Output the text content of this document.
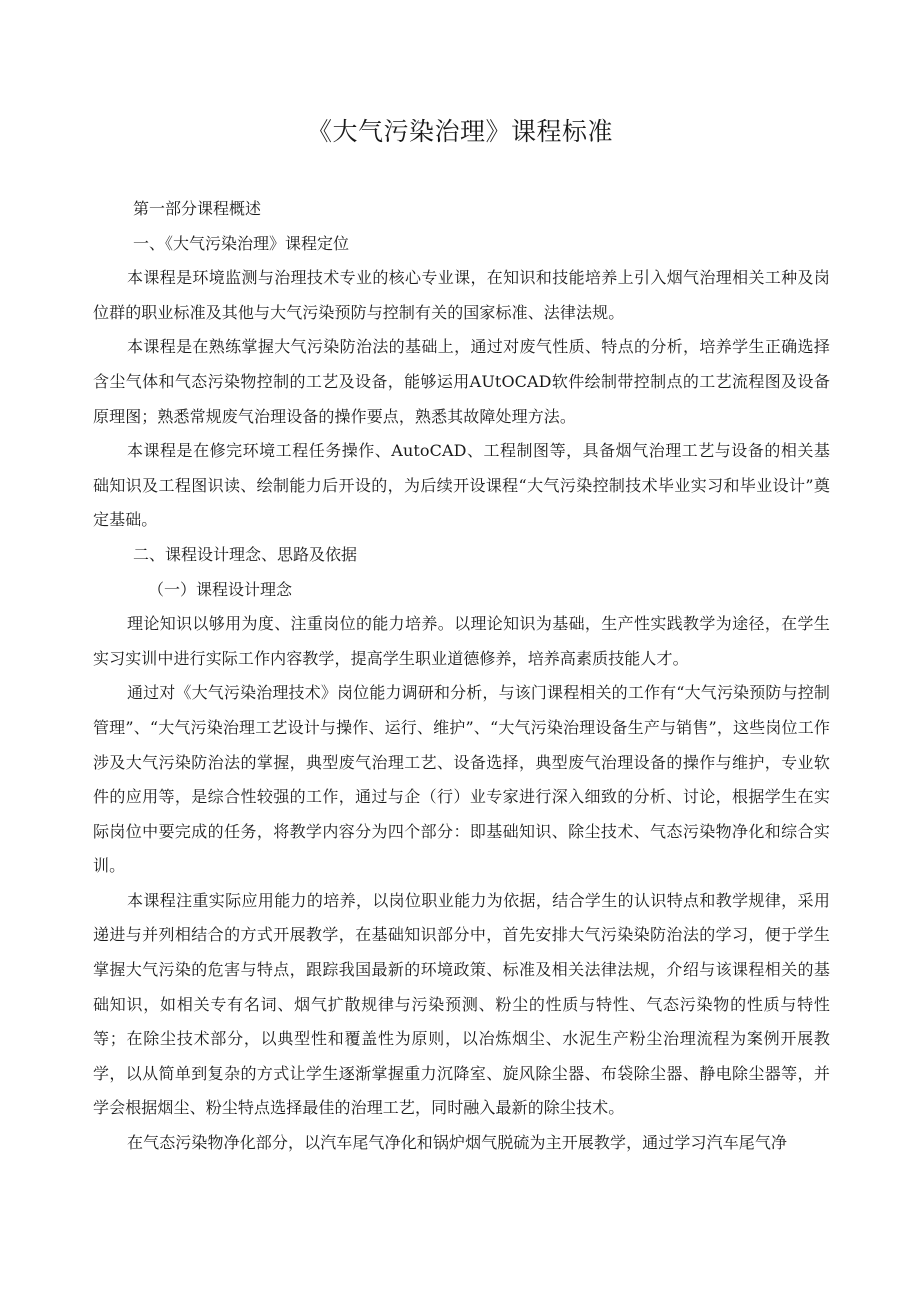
《大气污染治理》课程标准

第一部分课程概述

一、《大气污染治理》课程定位

本课程是环境监测与治理技术专业的核心专业课，在知识和技能培养上引入烟气治理相关工种及岗位群的职业标准及其他与大气污染预防与控制有关的国家标准、法律法规。

本课程是在熟练掌握大气污染防治法的基础上，通过对废气性质、特点的分析，培养学生正确选择含尘气体和气态污染物控制的工艺及设备，能够运用AUtOCAD软件绘制带控制点的工艺流程图及设备原理图；熟悉常规废气治理设备的操作要点，熟悉其故障处理方法。

本课程是在修完环境工程任务操作、AutoCAD、工程制图等，具备烟气治理工艺与设备的相关基础知识及工程图识读、绘制能力后开设的，为后续开设课程“大气污染控制技术毕业实习和毕业设计”奠定基础。

二、课程设计理念、思路及依据

（一）课程设计理念

理论知识以够用为度、注重岗位的能力培养。以理论知识为基础，生产性实践教学为途径，在学生实习实训中进行实际工作内容教学，提高学生职业道德修养，培养高素质技能人才。

通过对《大气污染治理技术》岗位能力调研和分析，与该门课程相关的工作有“大气污染预防与控制管理”、“大气污染治理工艺设计与操作、运行、维护”、“大气污染治理设备生产与销售”，这些岗位工作涉及大气污染防治法的掌握，典型废气治理工艺、设备选择，典型废气治理设备的操作与维护，专业软件的应用等，是综合性较强的工作，通过与企（行）业专家进行深入细致的分析、讨论，根据学生在实际岗位中要完成的任务，将教学内容分为四个部分：即基础知识、除尘技术、气态污染物净化和综合实训。

本课程注重实际应用能力的培养，以岗位职业能力为依据，结合学生的认识特点和教学规律，采用递进与并列相结合的方式开展教学，在基础知识部分中，首先安排大气污染染防治法的学习，便于学生掌握大气污染的危害与特点，跟踪我国最新的环境政策、标准及相关法律法规，介绍与该课程相关的基础知识，如相关专有名词、烟气扩散规律与污染预测、粉尘的性质与特性、气态污染物的性质与特性等；在除尘技术部分，以典型性和覆盖性为原则，以冶炼烟尘、水泥生产粉尘治理流程为案例开展教学，以从简单到复杂的方式让学生逐渐掌握重力沉降室、旋风除尘器、布袋除尘器、静电除尘器等，并学会根据烟尘、粉尘特点选择最佳的治理工艺，同时融入最新的除尘技术。

在气态污染物净化部分，以汽车尾气净化和锅炉烟气脱硫为主开展教学，通过学习汽车尾气净
